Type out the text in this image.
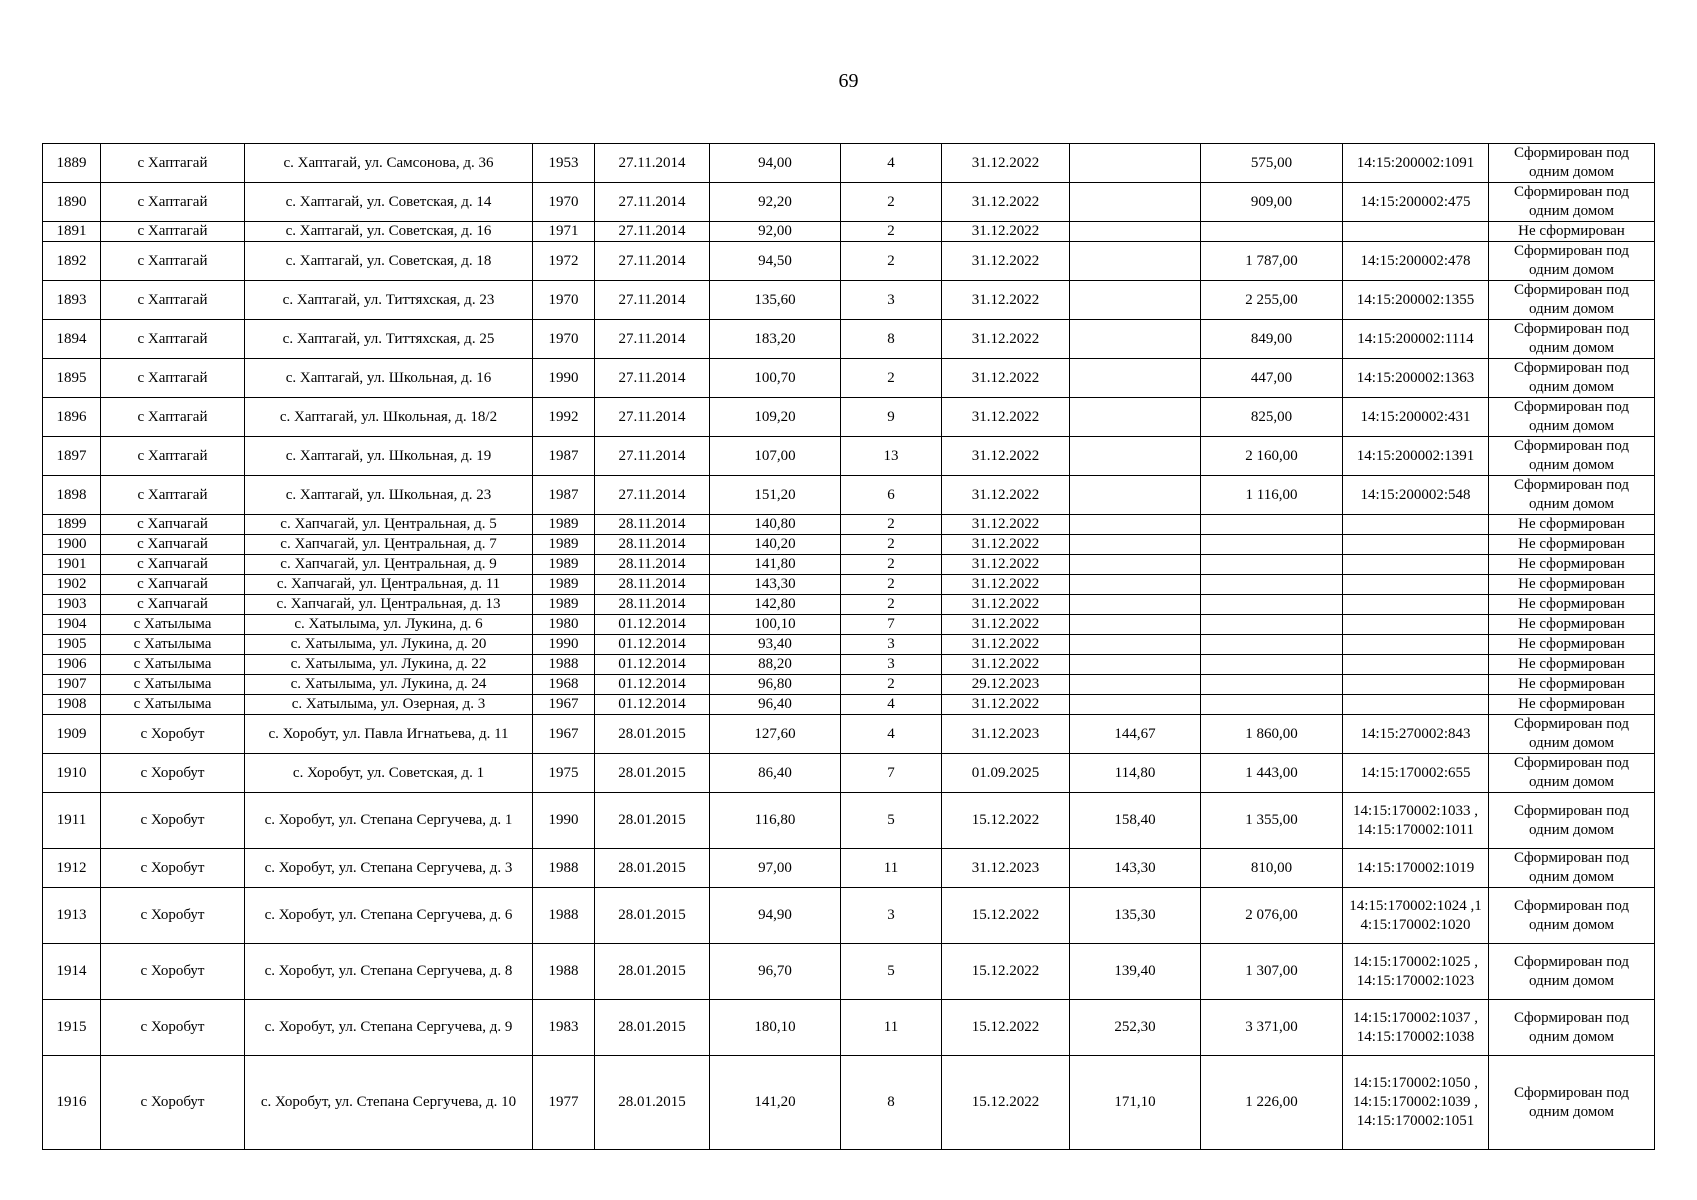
69
1889	с Хаптагай	с. Хаптагай, ул. Самсонова, д. 36	1953	27.11.2014	94,00	4	31.12.2022		575,00	14:15:200002:1091	Сформирован под одним домом
1890	с Хаптагай	с. Хаптагай, ул. Советская, д. 14	1970	27.11.2014	92,20	2	31.12.2022		909,00	14:15:200002:475	Сформирован под одним домом
1891	с Хаптагай	с. Хаптагай, ул. Советская, д. 16	1971	27.11.2014	92,00	2	31.12.2022				Не сформирован
1892	с Хаптагай	с. Хаптагай, ул. Советская, д. 18	1972	27.11.2014	94,50	2	31.12.2022		1 787,00	14:15:200002:478	Сформирован под одним домом
1893	с Хаптагай	с. Хаптагай, ул. Титтяхская, д. 23	1970	27.11.2014	135,60	3	31.12.2022		2 255,00	14:15:200002:1355	Сформирован под одним домом
1894	с Хаптагай	с. Хаптагай, ул. Титтяхская, д. 25	1970	27.11.2014	183,20	8	31.12.2022		849,00	14:15:200002:1114	Сформирован под одним домом
1895	с Хаптагай	с. Хаптагай, ул. Школьная, д. 16	1990	27.11.2014	100,70	2	31.12.2022		447,00	14:15:200002:1363	Сформирован под одним домом
1896	с Хаптагай	с. Хаптагай, ул. Школьная, д. 18/2	1992	27.11.2014	109,20	9	31.12.2022		825,00	14:15:200002:431	Сформирован под одним домом
1897	с Хаптагай	с. Хаптагай, ул. Школьная, д. 19	1987	27.11.2014	107,00	13	31.12.2022		2 160,00	14:15:200002:1391	Сформирован под одним домом
1898	с Хаптагай	с. Хаптагай, ул. Школьная, д. 23	1987	27.11.2014	151,20	6	31.12.2022		1 116,00	14:15:200002:548	Сформирован под одним домом
1899	с Хапчагай	с. Хапчагай, ул. Центральная, д. 5	1989	28.11.2014	140,80	2	31.12.2022				Не сформирован
1900	с Хапчагай	с. Хапчагай, ул. Центральная, д. 7	1989	28.11.2014	140,20	2	31.12.2022				Не сформирован
1901	с Хапчагай	с. Хапчагай, ул. Центральная, д. 9	1989	28.11.2014	141,80	2	31.12.2022				Не сформирован
1902	с Хапчагай	с. Хапчагай, ул. Центральная, д. 11	1989	28.11.2014	143,30	2	31.12.2022				Не сформирован
1903	с Хапчагай	с. Хапчагай, ул. Центральная, д. 13	1989	28.11.2014	142,80	2	31.12.2022				Не сформирован
1904	с Хатылыма	с. Хатылыма, ул. Лукина, д. 6	1980	01.12.2014	100,10	7	31.12.2022				Не сформирован
1905	с Хатылыма	с. Хатылыма, ул. Лукина, д. 20	1990	01.12.2014	93,40	3	31.12.2022				Не сформирован
1906	с Хатылыма	с. Хатылыма, ул. Лукина, д. 22	1988	01.12.2014	88,20	3	31.12.2022				Не сформирован
1907	с Хатылыма	с. Хатылыма, ул. Лукина, д. 24	1968	01.12.2014	96,80	2	29.12.2023				Не сформирован
1908	с Хатылыма	с. Хатылыма, ул. Озерная, д. 3	1967	01.12.2014	96,40	4	31.12.2022				Не сформирован
1909	с Хоробут	с. Хоробут, ул. Павла Игнатьева, д. 11	1967	28.01.2015	127,60	4	31.12.2023	144,67	1 860,00	14:15:270002:843	Сформирован под одним домом
1910	с Хоробут	с. Хоробут, ул. Советская, д. 1	1975	28.01.2015	86,40	7	01.09.2025	114,80	1 443,00	14:15:170002:655	Сформирован под одним домом
1911	с Хоробут	с. Хоробут, ул. Степана Сергучева, д. 1	1990	28.01.2015	116,80	5	15.12.2022	158,40	1 355,00	14:15:170002:1033 , 14:15:170002:1011	Сформирован под одним домом
1912	с Хоробут	с. Хоробут, ул. Степана Сергучева, д. 3	1988	28.01.2015	97,00	11	31.12.2023	143,30	810,00	14:15:170002:1019	Сформирован под одним домом
1913	с Хоробут	с. Хоробут, ул. Степана Сергучева, д. 6	1988	28.01.2015	94,90	3	15.12.2022	135,30	2 076,00	14:15:170002:1024 ,14:15:170002:1020	Сформирован под одним домом
1914	с Хоробут	с. Хоробут, ул. Степана Сергучева, д. 8	1988	28.01.2015	96,70	5	15.12.2022	139,40	1 307,00	14:15:170002:1025 , 14:15:170002:1023	Сформирован под одним домом
1915	с Хоробут	с. Хоробут, ул. Степана Сергучева, д. 9	1983	28.01.2015	180,10	11	15.12.2022	252,30	3 371,00	14:15:170002:1037 , 14:15:170002:1038	Сформирован под одним домом
1916	с Хоробут	с. Хоробут, ул. Степана Сергучева, д. 10	1977	28.01.2015	141,20	8	15.12.2022	171,10	1 226,00	14:15:170002:1050 , 14:15:170002:1039 , 14:15:170002:1051	Сформирован под одним домом
